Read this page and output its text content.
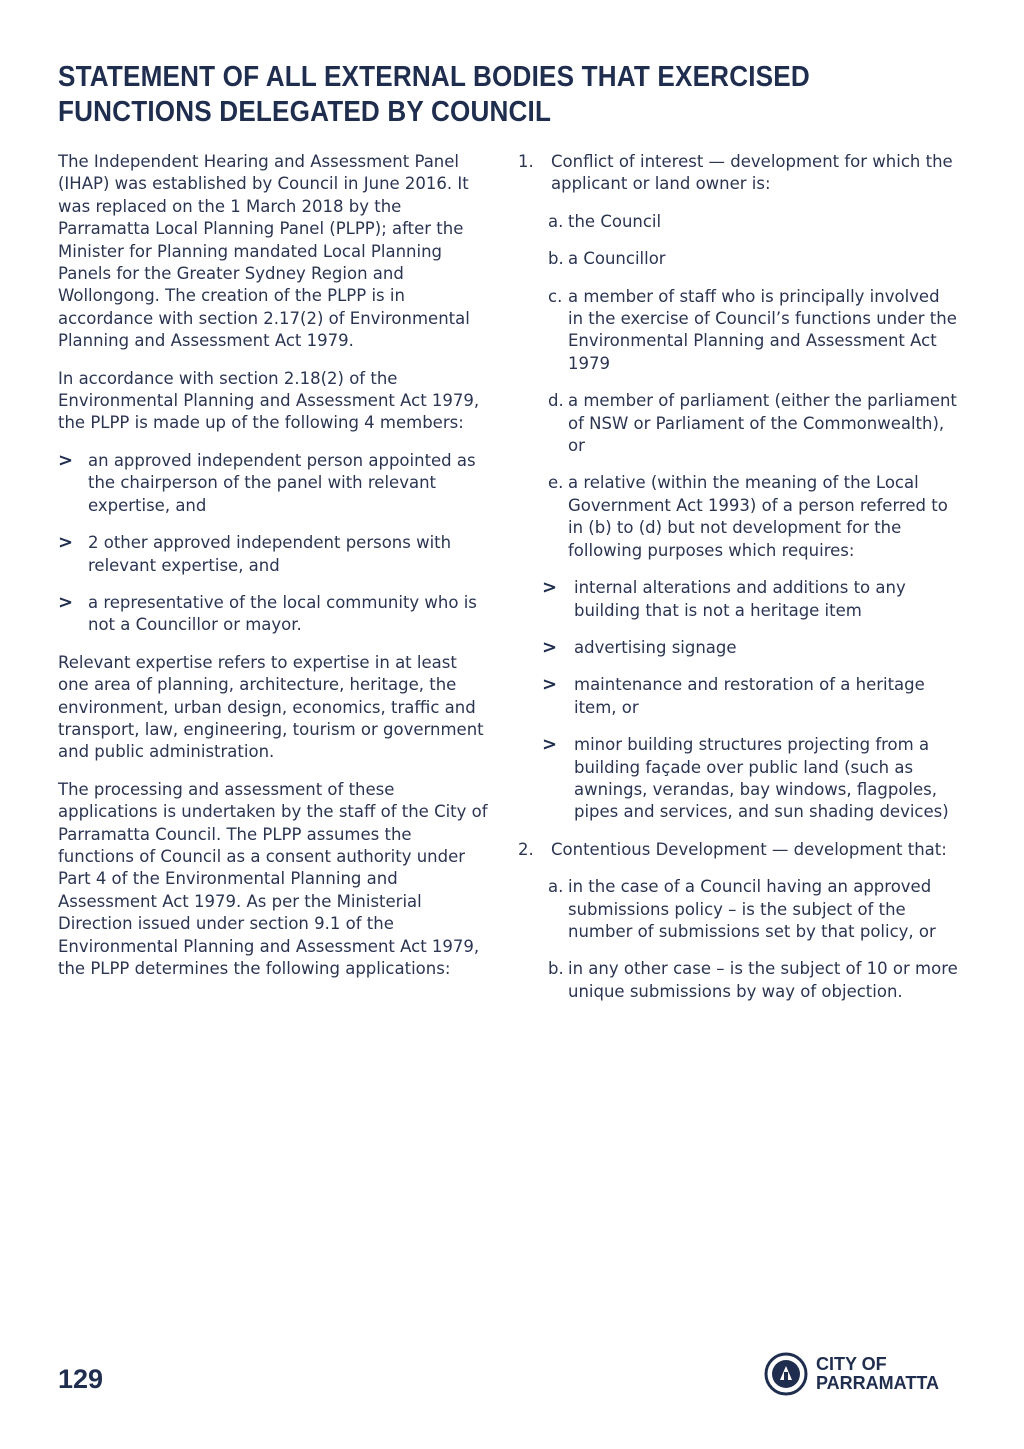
STATEMENT OF ALL EXTERNAL BODIES THAT EXERCISED FUNCTIONS DELEGATED BY COUNCIL

The Independent Hearing and Assessment Panel (IHAP) was established by Council in June 2016. It was replaced on the 1 March 2018 by the Parramatta Local Planning Panel (PLPP); after the Minister for Planning mandated Local Planning Panels for the Greater Sydney Region and Wollongong. The creation of the PLPP is in accordance with section 2.17(2) of Environmental Planning and Assessment Act 1979.

In accordance with section 2.18(2) of the Environmental Planning and Assessment Act 1979, the PLPP is made up of the following 4 members:

> an approved independent person appointed as the chairperson of the panel with relevant expertise, and
> 2 other approved independent persons with relevant expertise, and
> a representative of the local community who is not a Councillor or mayor.

Relevant expertise refers to expertise in at least one area of planning, architecture, heritage, the environment, urban design, economics, traffic and transport, law, engineering, tourism or government and public administration.

The processing and assessment of these applications is undertaken by the staff of the City of Parramatta Council. The PLPP assumes the functions of Council as a consent authority under Part 4 of the Environmental Planning and Assessment Act 1979. As per the Ministerial Direction issued under section 9.1 of the Environmental Planning and Assessment Act 1979, the PLPP determines the following applications:

1.	Conflict of interest — development for which the applicant or land owner is:
a. the Council
b. a Councillor
c. a member of staff who is principally involved in the exercise of Council’s functions under the Environmental Planning and Assessment Act 1979
d. a member of parliament (either the parliament of NSW or Parliament of the Commonwealth), or
e. a relative (within the meaning of the Local Government Act 1993) of a person referred to in (b) to (d) but not development for the following purposes which requires:
>	internal alterations and additions to any building that is not a heritage item
>	advertising signage
>	maintenance and restoration of a heritage item, or
>	minor building structures projecting from a building façade over public land (such as awnings, verandas, bay windows, flagpoles, pipes and services, and sun shading devices)
2.	Contentious Development — development that:
a. in the case of a Council having an approved submissions policy – is the subject of the number of submissions set by that policy, or
b. in any other case – is the subject of 10 or more unique submissions by way of objection.
129	CITY OF
PARRAMATTA
